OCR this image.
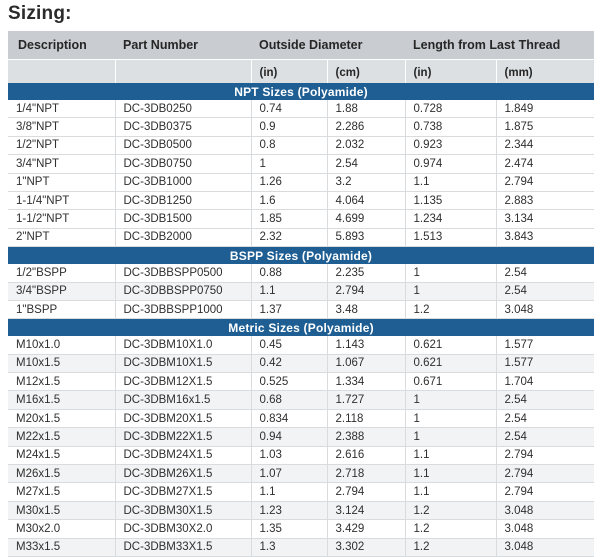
Sizing:
Description	Part Number	Outside Diameter		Length from Last Thread	
		(in)	(cm)	(in)	(mm)
NPT Sizes (Polyamide)					
1/4"NPT	DC-3DB0250	0.74	1.88	0.728	1.849
3/8"NPT	DC-3DB0375	0.9	2.286	0.738	1.875
1/2"NPT	DC-3DB0500	0.8	2.032	0.923	2.344
3/4"NPT	DC-3DB0750	1	2.54	0.974	2.474
1"NPT	DC-3DB1000	1.26	3.2	1.1	2.794
1-1/4"NPT	DC-3DB1250	1.6	4.064	1.135	2.883
1-1/2"NPT	DC-3DB1500	1.85	4.699	1.234	3.134
2"NPT	DC-3DB2000	2.32	5.893	1.513	3.843
BSPP Sizes (Polyamide)					
1/2"BSPP	DC-3DBBSPP0500	0.88	2.235	1	2.54
3/4"BSPP	DC-3DBBSPP0750	1.1	2.794	1	2.54
1"BSPP	DC-3DBBSPP1000	1.37	3.48	1.2	3.048
Metric Sizes (Polyamide)					
M10x1.0	DC-3DBM10X1.0	0.45	1.143	0.621	1.577
M10x1.5	DC-3DBM10X1.5	0.42	1.067	0.621	1.577
M12x1.5	DC-3DBM12X1.5	0.525	1.334	0.671	1.704
M16x1.5	DC-3DBM16x1.5	0.68	1.727	1	2.54
M20x1.5	DC-3DBM20X1.5	0.834	2.118	1	2.54
M22x1.5	DC-3DBM22X1.5	0.94	2.388	1	2.54
M24x1.5	DC-3DBM24X1.5	1.03	2.616	1.1	2.794
M26x1.5	DC-3DBM26X1.5	1.07	2.718	1.1	2.794
M27x1.5	DC-3DBM27X1.5	1.1	2.794	1.1	2.794
M30x1.5	DC-3DBM30X1.5	1.23	3.124	1.2	3.048
M30x2.0	DC-3DBM30X2.0	1.35	3.429	1.2	3.048
M33x1.5	DC-3DBM33X1.5	1.3	3.302	1.2	3.048
